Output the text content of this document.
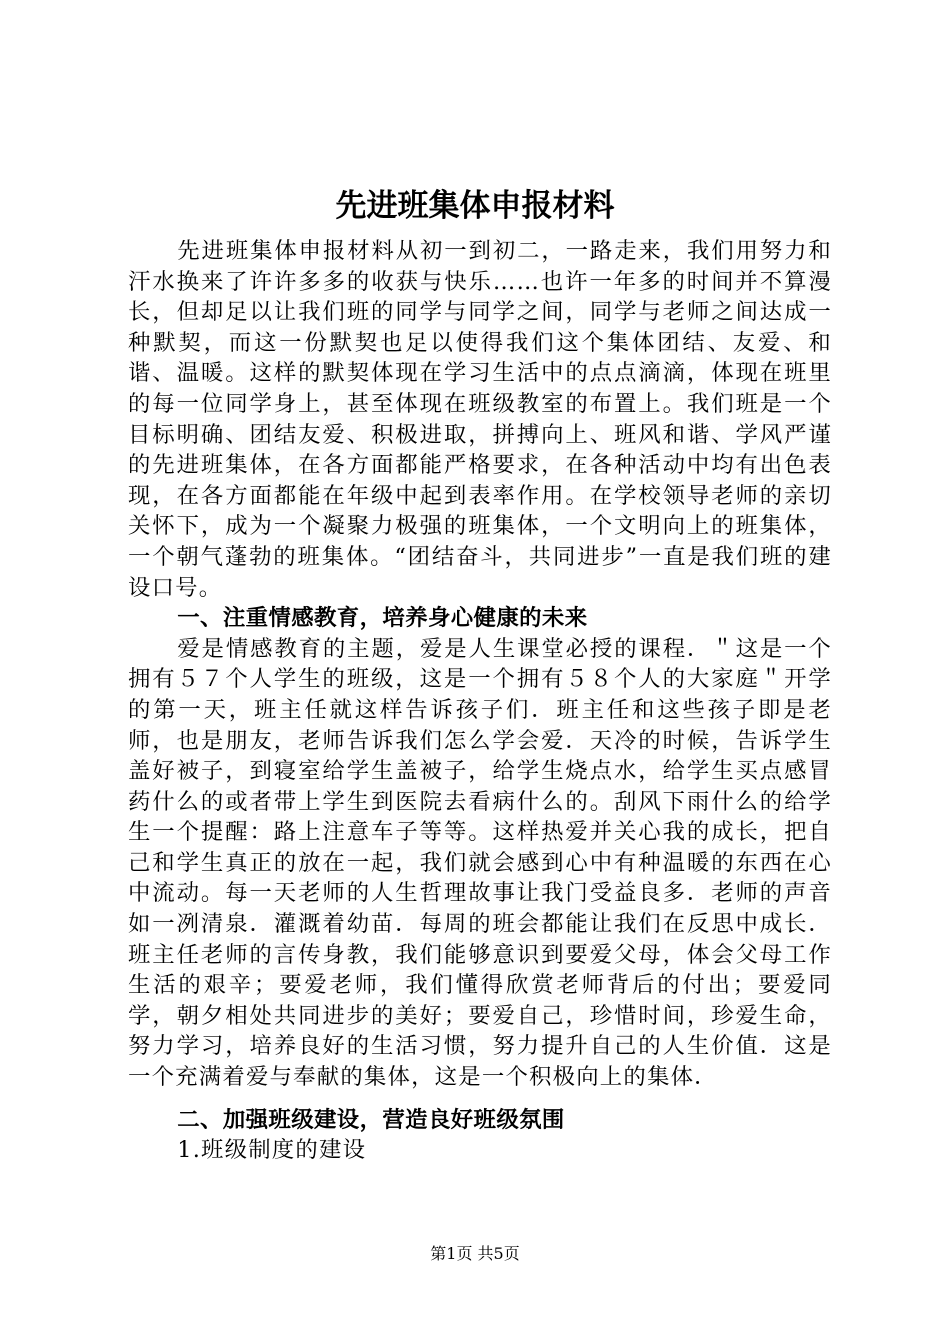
先进班集体申报材料

先进班集体申报材料从初一到初二，一路走来，我们用努力和汗水换来了许许多多的收获与快乐……也许一年多的时间并不算漫长，但却足以让我们班的同学与同学之间，同学与老师之间达成一种默契，而这一份默契也足以使得我们这个集体团结、友爱、和谐、温暖。这样的默契体现在学习生活中的点点滴滴，体现在班里的每一位同学身上，甚至体现在班级教室的布置上。我们班是一个目标明确、团结友爱、积极进取，拼搏向上、班风和谐、学风严谨的先进班集体，在各方面都能严格要求，在各种活动中均有出色表现，在各方面都能在年级中起到表率作用。在学校领导老师的亲切关怀下，成为一个凝聚力极强的班集体，一个文明向上的班集体，一个朝气蓬勃的班集体。“团结奋斗，共同进步”一直是我们班的建设口号。

一、注重情感教育，培养身心健康的未来

爱是情感教育的主题，爱是人生课堂必授的课程．＂这是一个拥有５７个人学生的班级，这是一个拥有５８个人的大家庭＂开学的第一天，班主任就这样告诉孩子们．班主任和这些孩子即是老师，也是朋友，老师告诉我们怎么学会爱．天冷的时候，告诉学生盖好被子，到寝室给学生盖被子，给学生烧点水，给学生买点感冒药什么的或者带上学生到医院去看病什么的。刮风下雨什么的给学生一个提醒：路上注意车子等等。这样热爱并关心我的成长，把自己和学生真正的放在一起，我们就会感到心中有种温暖的东西在心中流动。每一天老师的人生哲理故事让我门受益良多．老师的声音如一冽清泉．灌溉着幼苗．每周的班会都能让我们在反思中成长．班主任老师的言传身教，我们能够意识到要爱父母，体会父母工作生活的艰辛；要爱老师，我们懂得欣赏老师背后的付出；要爱同学，朝夕相处共同进步的美好；要爱自己，珍惜时间，珍爱生命，努力学习，培养良好的生活习惯，努力提升自己的人生价值．这是一个充满着爱与奉献的集体，这是一个积极向上的集体．

二、加强班级建设，营造良好班级氛围

1.班级制度的建设

第1页 共5页
